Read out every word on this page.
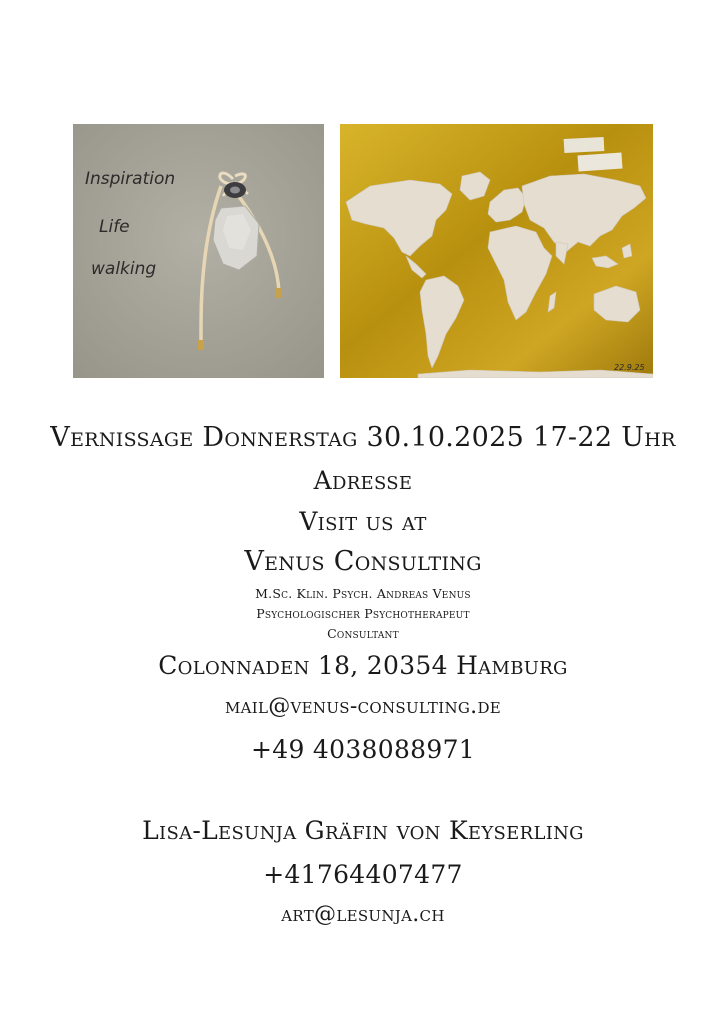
Inspiration
Life
walking
22.9.25
Vernissage Donnerstag 30.10.2025 17-22 Uhr
Adresse
Visit us at
Venus Consulting
M.Sc. Klin. Psych. Andreas Venus
Psychologischer Psychotherapeut
Consultant
Colonnaden 18, 20354 Hamburg
mail@venus-consulting.de
+49 4038088971
Lisa-Lesunja Gräfin von Keyserling
+41764407477
art@lesunja.ch
